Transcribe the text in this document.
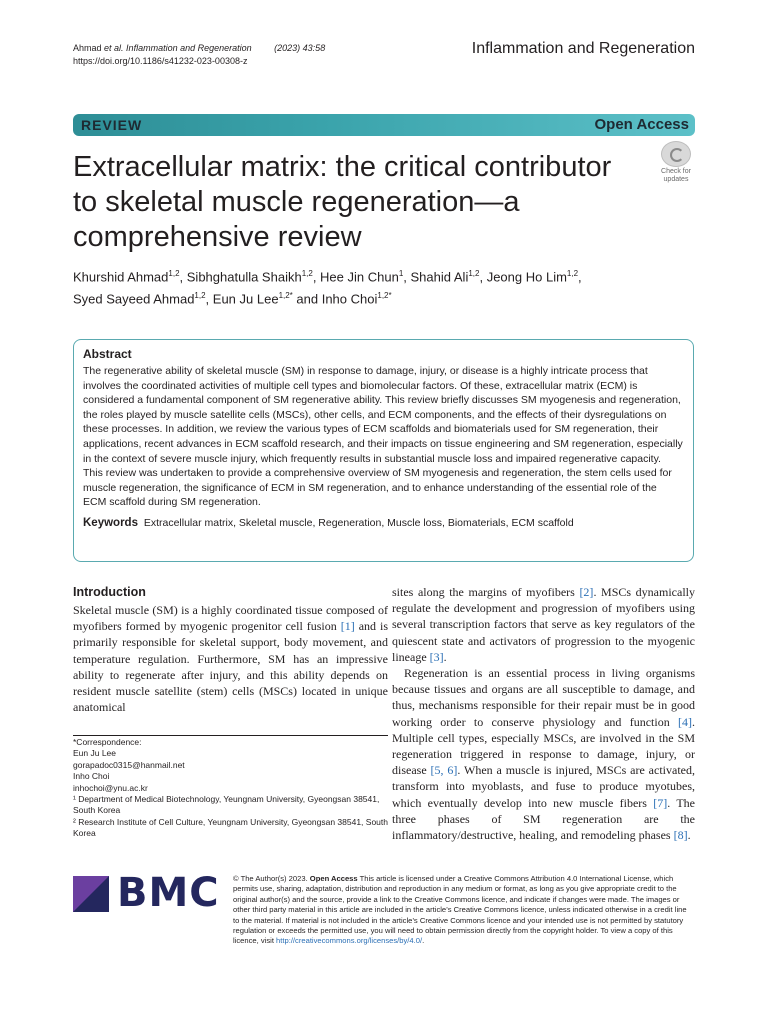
Ahmad et al. Inflammation and Regeneration	(2023) 43:58
https://doi.org/10.1186/s41232-023-00308-z
Inflammation and Regeneration
REVIEW	Open Access
Extracellular matrix: the critical contributor to skeletal muscle regeneration—a comprehensive review
Check for
updates
Khurshid Ahmad$^{1,2}$, Sibhghatulla Shaikh$^{1,2}$, Hee Jin Chun$^1$, Shahid Ali$^{1,2}$, Jeong Ho Lim$^{1,2}$,
Syed Sayeed Ahmad$^{1,2}$, Eun Ju Lee$^{1,2*}$ and Inho Choi$^{1,2*}$
Abstract

The regenerative ability of skeletal muscle (SM) in response to damage, injury, or disease is a highly intricate process that involves the coordinated activities of multiple cell types and biomolecular factors. Of these, extracellular matrix (ECM) is considered a fundamental component of SM regenerative ability. This review briefly discusses SM myogenesis and regeneration, the roles played by muscle satellite cells (MSCs), other cells, and ECM components, and the effects of their dysregulations on these processes. In addition, we review the various types of ECM scaffolds and biomaterials used for SM regeneration, their applications, recent advances in ECM scaffold research, and their impacts on tissue engineering and SM regeneration, especially in the context of severe muscle injury, which frequently results in substantial muscle loss and impaired regenerative capacity. This review was undertaken to provide a comprehensive overview of SM myogenesis and regeneration, the stem cells used for muscle regeneration, the significance of ECM in SM regeneration, and to enhance understanding of the essential role of the ECM scaffold during SM regeneration.

Keywords Extracellular matrix, Skeletal muscle, Regeneration, Muscle loss, Biomaterials, ECM scaffold
Introduction
Skeletal muscle (SM) is a highly coordinated tissue composed of myofibers formed by myogenic progenitor cell fusion [1] and is primarily responsible for skeletal support, body movement, and temperature regulation. Furthermore, SM has an impressive ability to regenerate after injury, and this ability depends on resident muscle satellite (stem) cells (MSCs) located in unique anatomical
*Correspondence:
Eun Ju Lee
gorapadoc0315@hanmail.net
Inho Choi
inhochoi@ynu.ac.kr
¹ Department of Medical Biotechnology, Yeungnam University, Gyeongsan 38541, South Korea
² Research Institute of Cell Culture, Yeungnam University, Gyeongsan 38541, South Korea

sites along the margins of myofibers [2]. MSCs dynamically regulate the development and progression of myofibers using several transcription factors that serve as key regulators of the quiescent state and activators of progression to the myogenic lineage [3].

Regeneration is an essential process in living organisms because tissues and organs are all susceptible to damage, and thus, mechanisms responsible for their repair must be in good working order to conserve physiology and function [4]. Multiple cell types, especially MSCs, are involved in the SM regeneration triggered in response to damage, injury, or disease [5, 6]. When a muscle is injured, MSCs are activated, transform into myoblasts, and fuse to produce myotubes, which eventually develop into new muscle fibers [7]. The three phases of SM regeneration are the inflammatory/destructive, healing, and remodeling phases [8].

BMC © The Author(s) 2023. Open Access This article is licensed under a Creative Commons Attribution 4.0 International License, which permits use, sharing, adaptation, distribution and reproduction in any medium or format, as long as you give appropriate credit to the original author(s) and the source, provide a link to the Creative Commons licence, and indicate if changes were made. The images or other third party material in this article are included in the article’s Creative Commons licence, unless indicated otherwise in a credit line to the material. If material is not included in the article’s Creative Commons licence and your intended use is not permitted by statutory regulation or exceeds the permitted use, you will need to obtain permission directly from the copyright holder. To view a copy of this licence, visit http://creativecommons.org/licenses/by/4.0/.
